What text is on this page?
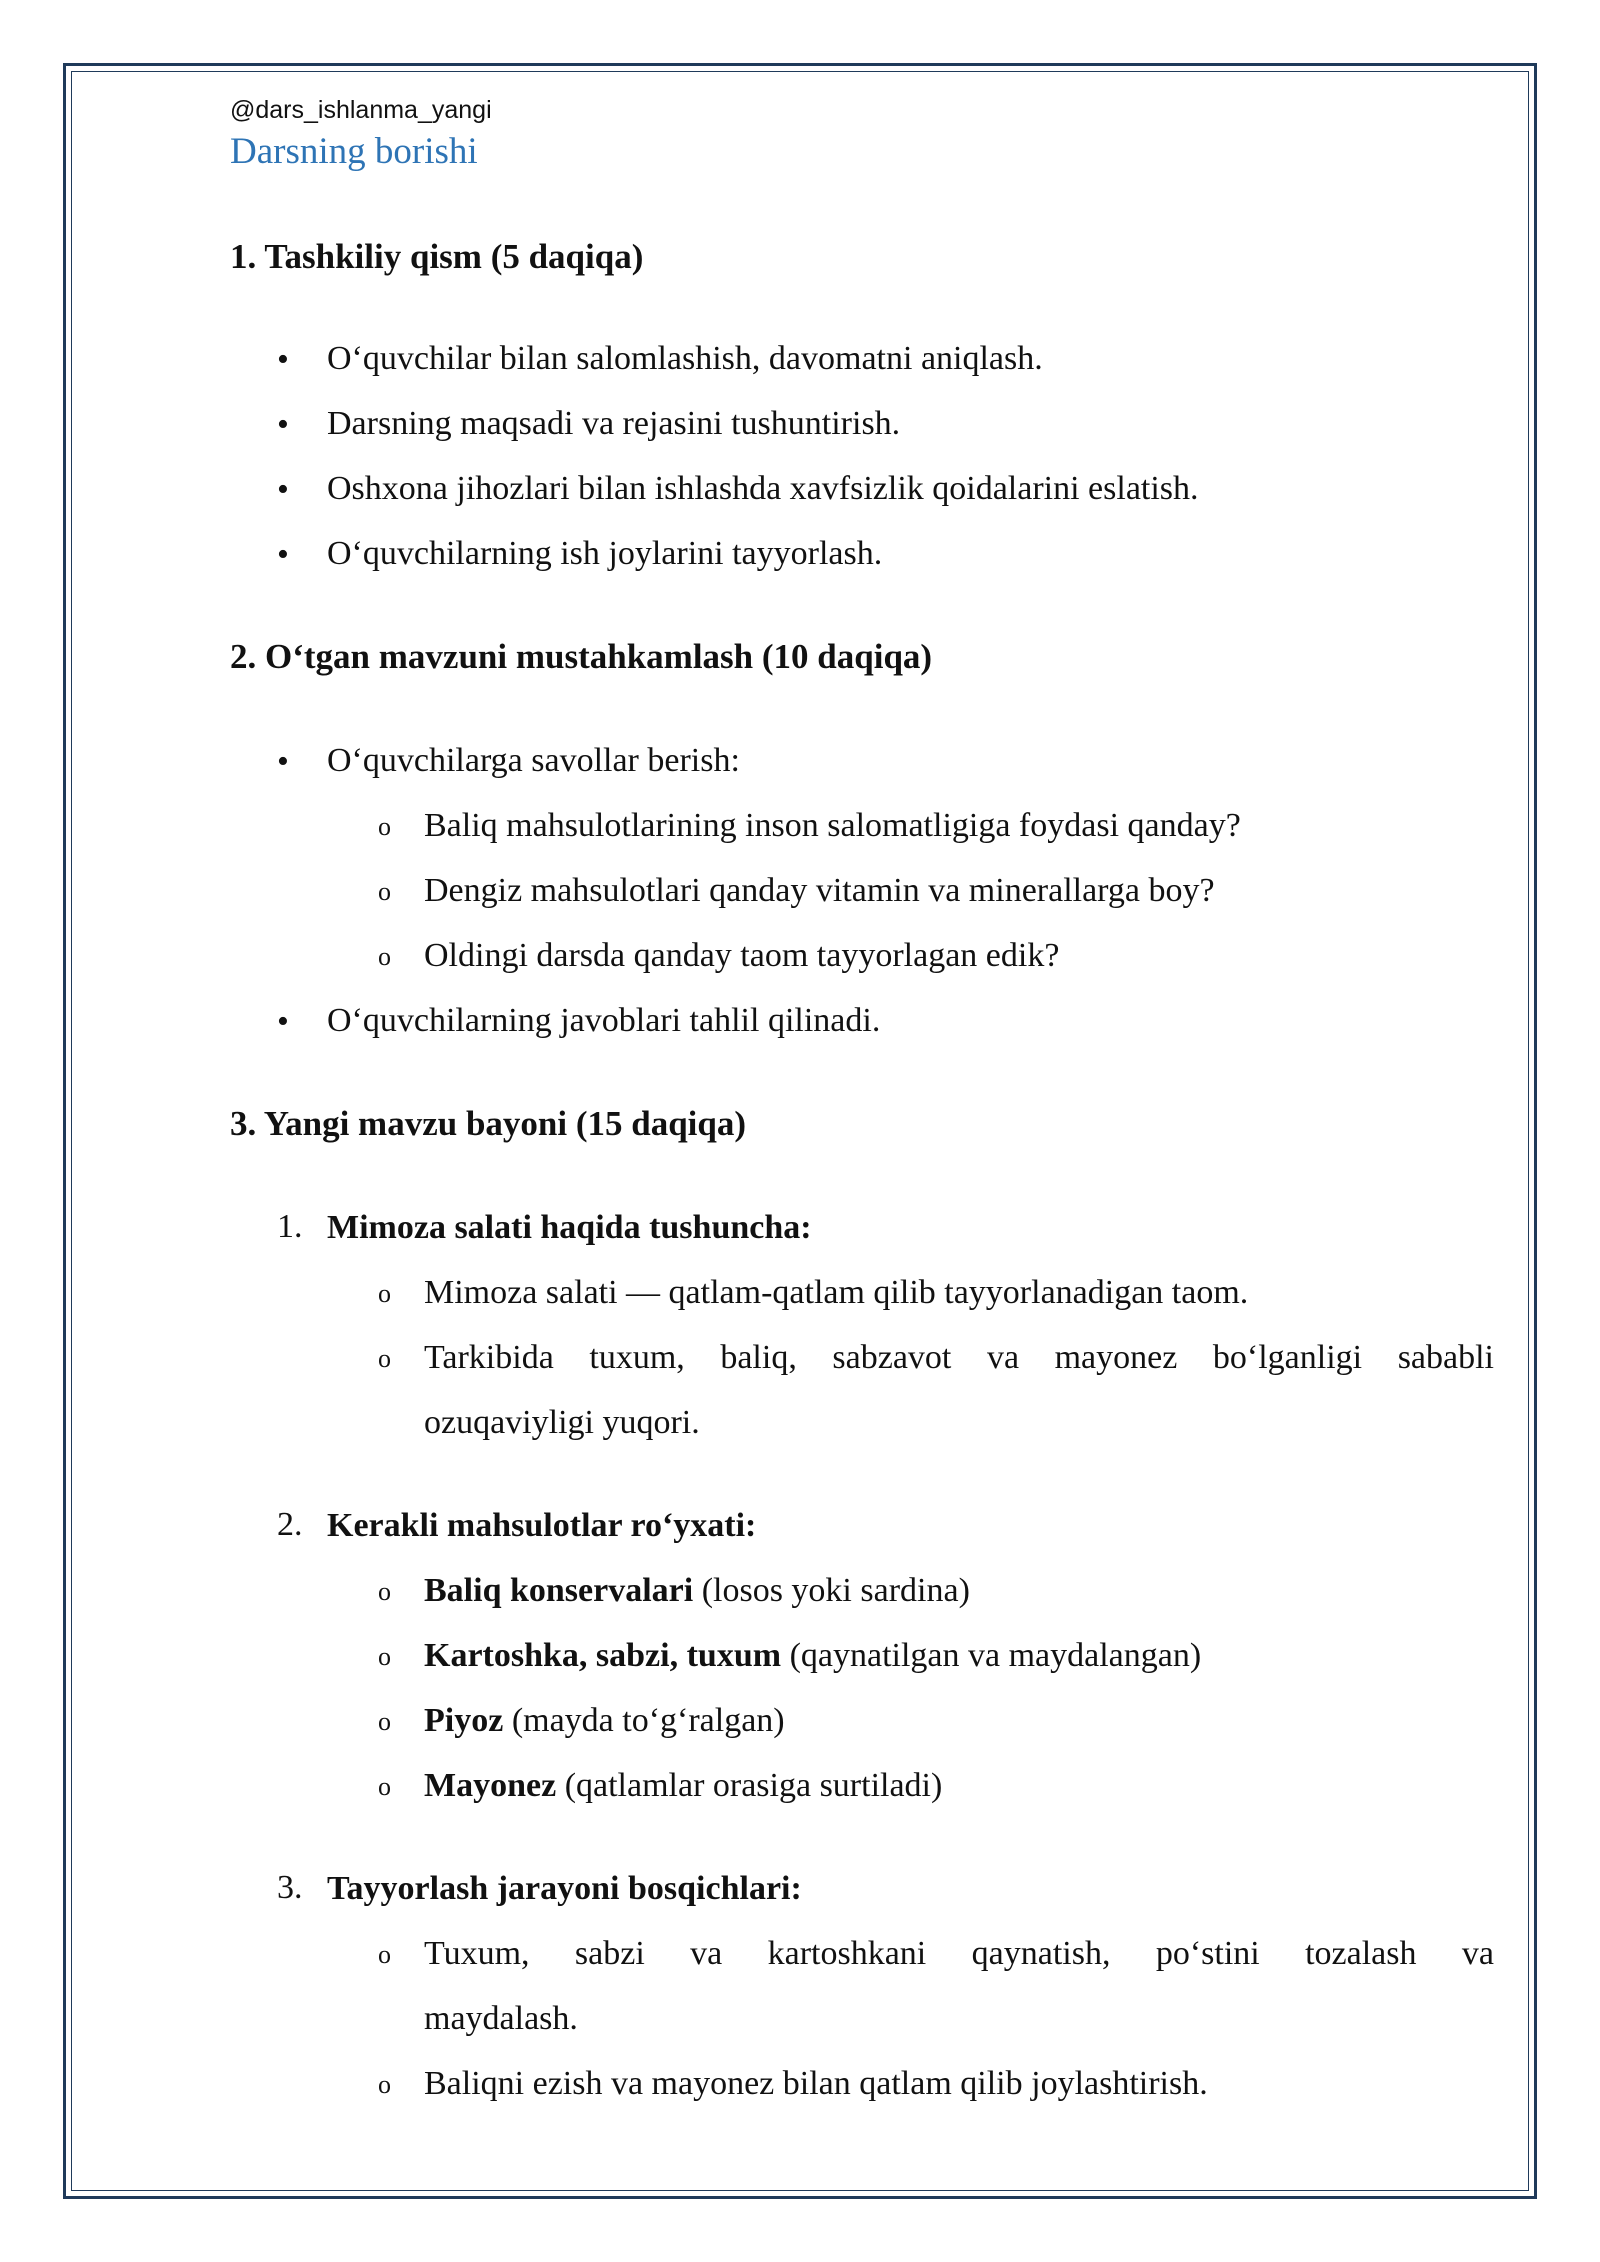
@dars_ishlanma_yangi
Darsning borishi
1. Tashkiliy qism (5 daqiqa)
• O‘quvchilar bilan salomlashish, davomatni aniqlash.
• Darsning maqsadi va rejasini tushuntirish.
• Oshxona jihozlari bilan ishlashda xavfsizlik qoidalarini eslatish.
• O‘quvchilarning ish joylarini tayyorlash.
2. O‘tgan mavzuni mustahkamlash (10 daqiqa)
• O‘quvchilarga savollar berish:
o Baliq mahsulotlarining inson salomatligiga foydasi qanday?
o Dengiz mahsulotlari qanday vitamin va minerallarga boy?
o Oldingi darsda qanday taom tayyorlagan edik?
• O‘quvchilarning javoblari tahlil qilinadi.
3. Yangi mavzu bayoni (15 daqiqa)
1. Mimoza salati haqida tushuncha:
o Mimoza salati — qatlam-qatlam qilib tayyorlanadigan taom.
o Tarkibida tuxum, baliq, sabzavot va mayonez bo‘lganligi sababli
ozuqaviyligi yuqori.
2. Kerakli mahsulotlar ro‘yxati:
o Baliq konservalari (losos yoki sardina)
o Kartoshka, sabzi, tuxum (qaynatilgan va maydalangan)
o Piyoz (mayda to‘g‘ralgan)
o Mayonez (qatlamlar orasiga surtiladi)
3. Tayyorlash jarayoni bosqichlari:
o Tuxum, sabzi va kartoshkani qaynatish, po‘stini tozalash va
maydalash.
o Baliqni ezish va mayonez bilan qatlam qilib joylashtirish.
